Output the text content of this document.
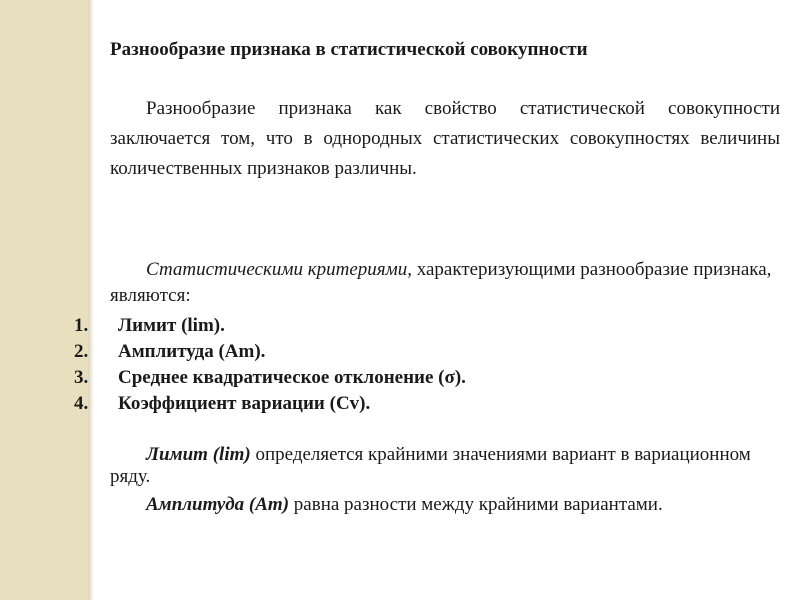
Разнообразие признака в статистической совокупности
Разнообразие признака как свойство статистической совокупности заключается том, что в однородных статистических совокупностях величины количественных признаков различны.
Статистическими критериями, характеризующими разнообразие признака, являются:
1. Лимит (lim).
2. Амплитуда (Am).
3. Среднее квадратическое отклонение (σ).
4. Коэффициент вариации (Cv).
Лимит (lim) определяется крайними значениями вариант в вариационном ряду.
Амплитуда (Am) равна разности между крайними вариантами.
